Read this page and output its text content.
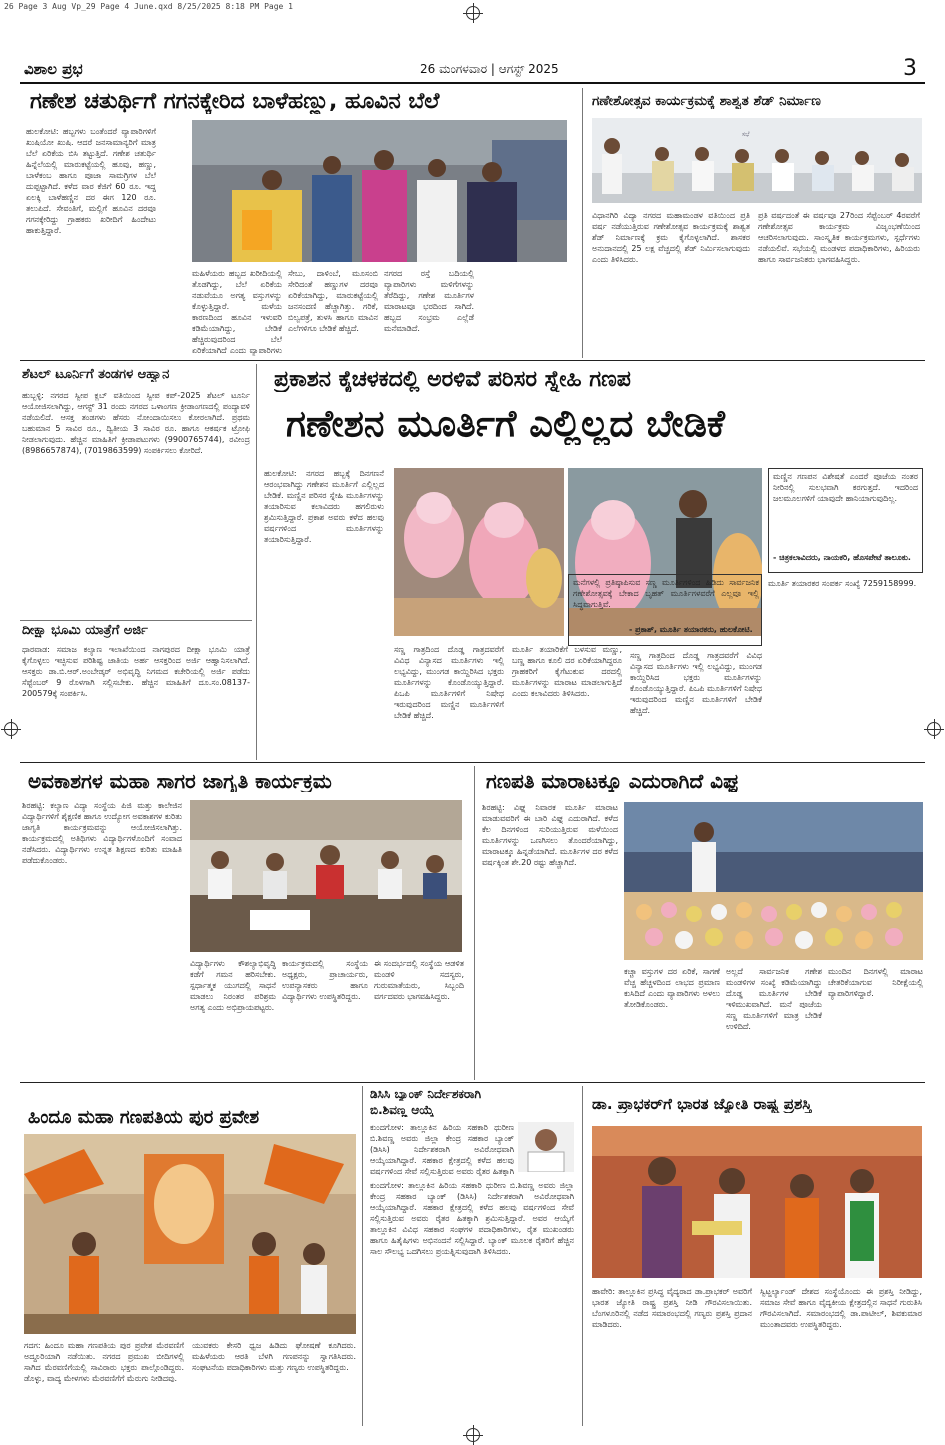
26 Page 3 Aug Vp_29 Page 4 June.qxd 8/25/2025 8:18 PM Page 1
ವಿಶಾಲ ಪ್ರಭ	26 ಮಂಗಳವಾರ | ಆಗಸ್ಟ್ 2025	3
ಗಣೇಶ ಚತುರ್ಥಿಗೆ ಗಗನಕ್ಕೇರಿದ ಬಾಳೆಹಣ್ಣು, ಹೂವಿನ ಬೆಲೆ
ಹುಲಕೋಟಿ: ಹಬ್ಬಗಳು ಬಂತೆಂದರೆ ವ್ಯಾಪಾರಿಗಳಿಗೆ ಖುಷಿಯೋ ಖುಷಿ. ಆದರೆ ಜನಸಾಮಾನ್ಯರಿಗೆ ಮಾತ್ರ ಬೆಲೆ ಏರಿಕೆಯ ಬಿಸಿ ತಟ್ಟುತ್ತಿದೆ. ಗಣೇಶ ಚತುರ್ಥಿ ಹಿನ್ನೆಲೆಯಲ್ಲಿ ಮಾರುಕಟ್ಟೆಯಲ್ಲಿ ಹೂವು, ಹಣ್ಣು, ಬಾಳೆಕಂಬ ಹಾಗೂ ಪೂಜಾ ಸಾಮಗ್ರಿಗಳ ಬೆಲೆ ದುಪ್ಪಟ್ಟಾಗಿದೆ. ಕಳೆದ ವಾರ ಕೆಜಿಗೆ 60 ರೂ. ಇದ್ದ ಏಲಕ್ಕಿ ಬಾಳೆಹಣ್ಣಿನ ದರ ಈಗ 120 ರೂ. ತಲುಪಿದೆ. ಸೇವಂತಿಗೆ, ಮಲ್ಲಿಗೆ ಹೂವಿನ ದರವೂ ಗಗನಕ್ಕೇರಿದ್ದು ಗ್ರಾಹಕರು ಖರೀದಿಗೆ ಹಿಂದೇಟು ಹಾಕುತ್ತಿದ್ದಾರೆ.
ಮಹಿಳೆಯರು ಹಬ್ಬದ ಖರೀದಿಯಲ್ಲಿ ತೊಡಗಿದ್ದು, ಬೆಲೆ ಏರಿಕೆಯ ನಡುವೆಯೂ ಅಗತ್ಯ ವಸ್ತುಗಳನ್ನು ಕೊಳ್ಳುತ್ತಿದ್ದಾರೆ. ಮಳೆಯ ಕಾರಣದಿಂದ ಹೂವಿನ ಇಳುವರಿ ಕಡಿಮೆಯಾಗಿದ್ದು, ಬೇಡಿಕೆ ಹೆಚ್ಚಿರುವುದರಿಂದ ಬೆಲೆ ಏರಿಕೆಯಾಗಿದೆ ಎಂದು ವ್ಯಾಪಾರಿಗಳು
ಸೇಬು, ದಾಳಿಂಬೆ, ಮೂಸಂಬಿ ಸೇರಿದಂತೆ ಹಣ್ಣುಗಳ ದರವೂ ಏರಿಕೆಯಾಗಿದ್ದು, ಮಾರುಕಟ್ಟೆಯಲ್ಲಿ ಜನಸಂದಣಿ ಹೆಚ್ಚಾಗಿತ್ತು. ಗರಿಕೆ, ಬಿಲ್ವಪತ್ರೆ, ತುಳಸಿ ಹಾಗೂ ಮಾವಿನ ಎಲೆಗಳಿಗೂ ಬೇಡಿಕೆ ಹೆಚ್ಚಿದೆ.
ನಗರದ ರಸ್ತೆ ಬದಿಯಲ್ಲಿ ವ್ಯಾಪಾರಿಗಳು ಮಳಿಗೆಗಳನ್ನು ತೆರೆದಿದ್ದು, ಗಣೇಶ ಮೂರ್ತಿಗಳ ಮಾರಾಟವೂ ಭರದಿಂದ ಸಾಗಿದೆ. ಹಬ್ಬದ ಸಂಭ್ರಮ ಎಲ್ಲೆಡೆ ಮನೆಮಾಡಿದೆ.
ಗಣೇಶೋತ್ಸವ ಕಾರ್ಯಕ್ರಮಕ್ಕೆ ಶಾಶ್ವತ ಶೆಡ್ ನಿರ್ಮಾಣ
ಸಭೆ
ವಿಧಾನಗಿರಿ ವಿದ್ಯಾ ನಗರದ ಮಹಾಮಂಡಳ ವತಿಯಿಂದ ಪ್ರತಿ ವರ್ಷ ನಡೆಯುತ್ತಿರುವ ಗಣೇಶೋತ್ಸವ ಕಾರ್ಯಕ್ರಮಕ್ಕೆ ಶಾಶ್ವತ ಶೆಡ್ ನಿರ್ಮಾಣಕ್ಕೆ ಕ್ರಮ ಕೈಗೊಳ್ಳಲಾಗಿದೆ. ಶಾಸಕರ ಅನುದಾನದಲ್ಲಿ 25 ಲಕ್ಷ ವೆಚ್ಚದಲ್ಲಿ ಶೆಡ್ ನಿರ್ಮಿಸಲಾಗುವುದು ಎಂದು ತಿಳಿಸಿದರು.
ಪ್ರತಿ ವರ್ಷದಂತೆ ಈ ವರ್ಷವೂ 27ರಿಂದ ಸೆಪ್ಟೆಂಬರ್ 4ರವರೆಗೆ ಗಣೇಶೋತ್ಸವ ಕಾರ್ಯಕ್ರಮ ವಿಜೃಂಭಣೆಯಿಂದ ಆಚರಿಸಲಾಗುವುದು. ಸಾಂಸ್ಕೃತಿಕ ಕಾರ್ಯಕ್ರಮಗಳು, ಸ್ಪರ್ಧೆಗಳು ನಡೆಯಲಿವೆ. ಸಭೆಯಲ್ಲಿ ಮಂಡಳದ ಪದಾಧಿಕಾರಿಗಳು, ಹಿರಿಯರು ಹಾಗೂ ಸಾರ್ವಜನಿಕರು ಭಾಗವಹಿಸಿದ್ದರು.
ಶೆಟಲ್ ಟೂರ್ನಿಗೆ ತಂಡಗಳ ಆಹ್ವಾನ
ಹುಬ್ಬಳ್ಳಿ: ನಗರದ ಸ್ವೀಪ ಕ್ಲಬ್ ವತಿಯಿಂದ ಸ್ವೀಪ ಕಪ್-2025 ಶೆಟಲ್ ಟೂರ್ನಿ ಆಯೋಜಿಸಲಾಗಿದ್ದು, ಆಗಸ್ಟ್ 31 ರಂದು ನಗರದ ಒಳಾಂಗಣ ಕ್ರೀಡಾಂಗಣದಲ್ಲಿ ಪಂದ್ಯಾವಳಿ ನಡೆಯಲಿದೆ. ಆಸಕ್ತ ತಂಡಗಳು ಹೆಸರು ನೋಂದಾಯಿಸಲು ಕೋರಲಾಗಿದೆ. ಪ್ರಥಮ ಬಹುಮಾನ 5 ಸಾವಿರ ರೂ., ದ್ವಿತೀಯ 3 ಸಾವಿರ ರೂ. ಹಾಗೂ ಆಕರ್ಷಕ ಟ್ರೋಫಿ ನೀಡಲಾಗುವುದು. ಹೆಚ್ಚಿನ ಮಾಹಿತಿಗೆ ಕ್ರೀಡಾಪಟುಗಳು (9900765744), ರವೀಂದ್ರ (8986657874), (7019863599) ಸಂಪರ್ಕಿಸಲು ಕೋರಿದೆ.
ದೀಕ್ಷಾ ಭೂಮಿ ಯಾತ್ರೆಗೆ ಅರ್ಜಿ
ಧಾರವಾಡ: ಸಮಾಜ ಕಲ್ಯಾಣ ಇಲಾಖೆಯಿಂದ ನಾಗಪುರದ ದೀಕ್ಷಾ ಭೂಮಿ ಯಾತ್ರೆ ಕೈಗೊಳ್ಳಲು ಇಚ್ಛಿಸುವ ಪರಿಶಿಷ್ಟ ಜಾತಿಯ ಅರ್ಹ ಆಸಕ್ತರಿಂದ ಅರ್ಜಿ ಆಹ್ವಾನಿಸಲಾಗಿದೆ. ಆಸಕ್ತರು ಡಾ.ಬಿ.ಆರ್.ಅಂಬೇಡ್ಕರ್ ಅಭಿವೃದ್ಧಿ ನಿಗಮದ ಕಚೇರಿಯಲ್ಲಿ ಅರ್ಜಿ ಪಡೆದು ಸೆಪ್ಟೆಂಬರ್ 9 ರೊಳಗಾಗಿ ಸಲ್ಲಿಸಬೇಕು. ಹೆಚ್ಚಿನ ಮಾಹಿತಿಗೆ ದೂ.ಸಂ.08137-200579ಕ್ಕೆ ಸಂಪರ್ಕಿಸಿ.
ಪ್ರಕಾಶನ ಕೈಚಳಕದಲ್ಲಿ ಅರಳಿವೆ ಪರಿಸರ ಸ್ನೇಹಿ ಗಣಪ
ಗಣೇಶನ ಮೂರ್ತಿಗೆ ಎಲ್ಲಿಲ್ಲದ ಬೇಡಿಕೆ
ಹುಲಕೋಟಿ: ನಗರದ ಹಬ್ಬಕ್ಕೆ ದಿನಗಣನೆ ಆರಂಭವಾಗಿದ್ದು ಗಣೇಶನ ಮೂರ್ತಿಗೆ ಎಲ್ಲಿಲ್ಲದ ಬೇಡಿಕೆ. ಮಣ್ಣಿನ ಪರಿಸರ ಸ್ನೇಹಿ ಮೂರ್ತಿಗಳನ್ನು ತಯಾರಿಸುವ ಕಲಾವಿದರು ಹಗಲಿರುಳು ಶ್ರಮಿಸುತ್ತಿದ್ದಾರೆ. ಪ್ರಕಾಶ ಅವರು ಕಳೆದ ಹಲವು ವರ್ಷಗಳಿಂದ ಮೂರ್ತಿಗಳನ್ನು ತಯಾರಿಸುತ್ತಿದ್ದಾರೆ.
ಮಣ್ಣಿನ ಗಣಪನ ವಿಶೇಷತೆ ಎಂದರೆ ಪೂಜೆಯ ನಂತರ ನೀರಿನಲ್ಲಿ ಸುಲಭವಾಗಿ ಕರಗುತ್ತದೆ. ಇದರಿಂದ ಜಲಮೂಲಗಳಿಗೆ ಯಾವುದೇ ಹಾನಿಯಾಗುವುದಿಲ್ಲ.
- ಚಿತ್ರಕಲಾವಿದರು, ನಾಯಕರಿ, ಹೊಸಪೇಟೆ ತಾಲೂಕು.
ಸಣ್ಣ ಗಾತ್ರದಿಂದ ದೊಡ್ಡ ಗಾತ್ರದವರೆಗೆ ವಿವಿಧ ವಿನ್ಯಾಸದ ಮೂರ್ತಿಗಳು ಇಲ್ಲಿ ಲಭ್ಯವಿದ್ದು, ಮುಂಗಡ ಕಾಯ್ದಿರಿಸಿದ ಭಕ್ತರು ಮೂರ್ತಿಗಳನ್ನು ಕೊಂಡೊಯ್ಯುತ್ತಿದ್ದಾರೆ. ಪಿಒಪಿ ಮೂರ್ತಿಗಳಿಗೆ ನಿಷೇಧ ಇರುವುದರಿಂದ ಮಣ್ಣಿನ ಮೂರ್ತಿಗಳಿಗೆ ಬೇಡಿಕೆ ಹೆಚ್ಚಿದೆ.
ಮೂರ್ತಿ ತಯಾರಿಕೆಗೆ ಬಳಸುವ ಮಣ್ಣು, ಬಣ್ಣ ಹಾಗೂ ಕೂಲಿ ದರ ಏರಿಕೆಯಾಗಿದ್ದರೂ ಗ್ರಾಹಕರಿಗೆ ಕೈಗೆಟುಕುವ ದರದಲ್ಲಿ ಮೂರ್ತಿಗಳನ್ನು ಮಾರಾಟ ಮಾಡಲಾಗುತ್ತಿದೆ ಎಂದು ಕಲಾವಿದರು ತಿಳಿಸಿದರು.
ಮನೆಗಳಲ್ಲಿ ಪ್ರತಿಷ್ಠಾಪಿಸುವ ಸಣ್ಣ ಮೂರ್ತಿಗಳಿಂದ ಹಿಡಿದು ಸಾರ್ವಜನಿಕ ಗಣೇಶೋತ್ಸವಕ್ಕೆ ಬೇಕಾದ ಬೃಹತ್ ಮೂರ್ತಿಗಳವರೆಗೆ ಎಲ್ಲವೂ ಇಲ್ಲಿ ಸಿದ್ಧವಾಗುತ್ತಿವೆ.
- ಪ್ರಕಾಶ್, ಮೂರ್ತಿ ತಯಾರಕರು, ಹುಲಕೋಟಿ.
ಸಣ್ಣ ಗಾತ್ರದಿಂದ ದೊಡ್ಡ ಗಾತ್ರದವರೆಗೆ ವಿವಿಧ ವಿನ್ಯಾಸದ ಮೂರ್ತಿಗಳು ಇಲ್ಲಿ ಲಭ್ಯವಿದ್ದು, ಮುಂಗಡ ಕಾಯ್ದಿರಿಸಿದ ಭಕ್ತರು ಮೂರ್ತಿಗಳನ್ನು ಕೊಂಡೊಯ್ಯುತ್ತಿದ್ದಾರೆ. ಪಿಒಪಿ ಮೂರ್ತಿಗಳಿಗೆ ನಿಷೇಧ ಇರುವುದರಿಂದ ಮಣ್ಣಿನ ಮೂರ್ತಿಗಳಿಗೆ ಬೇಡಿಕೆ ಹೆಚ್ಚಿದೆ.
ಮೂರ್ತಿ ತಯಾರಕರ ಸಂಪರ್ಕ ಸಂಖ್ಯೆ 7259158999.
ಅವಕಾಶಗಳ ಮಹಾ ಸಾಗರ ಜಾಗೃತಿ ಕಾರ್ಯಕ್ರಮ
ಶಿರಹಟ್ಟಿ: ಕಲ್ಯಾಣ ವಿದ್ಯಾ ಸಂಸ್ಥೆಯ ಪಿಜಿ ಮತ್ತು ಕಾಲೇಜಿನ ವಿದ್ಯಾರ್ಥಿಗಳಿಗೆ ಶೈಕ್ಷಣಿಕ ಹಾಗೂ ಉದ್ಯೋಗ ಅವಕಾಶಗಳ ಕುರಿತು ಜಾಗೃತಿ ಕಾರ್ಯಕ್ರಮವನ್ನು ಆಯೋಜಿಸಲಾಗಿತ್ತು. ಕಾರ್ಯಕ್ರಮದಲ್ಲಿ ಅತಿಥಿಗಳು ವಿದ್ಯಾರ್ಥಿಗಳೊಂದಿಗೆ ಸಂವಾದ ನಡೆಸಿದರು. ವಿದ್ಯಾರ್ಥಿಗಳು ಉನ್ನತ ಶಿಕ್ಷಣದ ಕುರಿತು ಮಾಹಿತಿ ಪಡೆದುಕೊಂಡರು.
ವಿದ್ಯಾರ್ಥಿಗಳು ಕೌಶಲ್ಯಾಭಿವೃದ್ಧಿ ಕಡೆಗೆ ಗಮನ ಹರಿಸಬೇಕು. ಸ್ಪರ್ಧಾತ್ಮಕ ಯುಗದಲ್ಲಿ ಸಾಧನೆ ಮಾಡಲು ನಿರಂತರ ಪರಿಶ್ರಮ ಅಗತ್ಯ ಎಂದು ಅಭಿಪ್ರಾಯಪಟ್ಟರು.
ಕಾರ್ಯಕ್ರಮದಲ್ಲಿ ಸಂಸ್ಥೆಯ ಅಧ್ಯಕ್ಷರು, ಪ್ರಾಚಾರ್ಯರು, ಉಪನ್ಯಾಸಕರು ಹಾಗೂ ವಿದ್ಯಾರ್ಥಿಗಳು ಉಪಸ್ಥಿತರಿದ್ದರು.
ಈ ಸಂದರ್ಭದಲ್ಲಿ ಸಂಸ್ಥೆಯ ಆಡಳಿತ ಮಂಡಳಿ ಸದಸ್ಯರು, ಗುರುಮಾತೆಯರು, ಸಿಬ್ಬಂದಿ ವರ್ಗದವರು ಭಾಗವಹಿಸಿದ್ದರು.
ಗಣಪತಿ ಮಾರಾಟಕ್ಕೂ ಎದುರಾಗಿದೆ ವಿಘ್ನ
ಶಿರಹಟ್ಟಿ: ವಿಘ್ನ ನಿವಾರಕ ಮೂರ್ತಿ ಮಾರಾಟ ಮಾಡುವವರಿಗೆ ಈ ಬಾರಿ ವಿಘ್ನ ಎದುರಾಗಿದೆ. ಕಳೆದ ಕೆಲ ದಿನಗಳಿಂದ ಸುರಿಯುತ್ತಿರುವ ಮಳೆಯಿಂದ ಮೂರ್ತಿಗಳನ್ನು ಒಣಗಿಸಲು ತೊಂದರೆಯಾಗಿದ್ದು, ಮಾರಾಟಕ್ಕೂ ಹಿನ್ನಡೆಯಾಗಿದೆ. ಮೂರ್ತಿಗಳ ದರ ಕಳೆದ ವರ್ಷಕ್ಕಿಂತ ಶೇ.20 ರಷ್ಟು ಹೆಚ್ಚಾಗಿದೆ.
ಕಚ್ಚಾ ವಸ್ತುಗಳ ದರ ಏರಿಕೆ, ಸಾಗಣೆ ವೆಚ್ಚ ಹೆಚ್ಚಳದಿಂದ ಲಾಭದ ಪ್ರಮಾಣ ಕುಸಿದಿದೆ ಎಂದು ವ್ಯಾಪಾರಿಗಳು ಅಳಲು ತೋಡಿಕೊಂಡರು.
ಅಲ್ಲದೆ ಸಾರ್ವಜನಿಕ ಗಣೇಶ ಮಂಡಳಿಗಳ ಸಂಖ್ಯೆ ಕಡಿಮೆಯಾಗಿದ್ದು ದೊಡ್ಡ ಮೂರ್ತಿಗಳ ಬೇಡಿಕೆ ಇಳಿಮುಖವಾಗಿದೆ. ಮನೆ ಪೂಜೆಯ ಸಣ್ಣ ಮೂರ್ತಿಗಳಿಗೆ ಮಾತ್ರ ಬೇಡಿಕೆ ಉಳಿದಿದೆ.
ಮುಂದಿನ ದಿನಗಳಲ್ಲಿ ಮಾರಾಟ ಚೇತರಿಕೆಯಾಗುವ ನಿರೀಕ್ಷೆಯಲ್ಲಿ ವ್ಯಾಪಾರಿಗಳಿದ್ದಾರೆ.
ಹಿಂದೂ ಮಹಾ ಗಣಪತಿಯ ಪುರ ಪ್ರವೇಶ
ಗದಗ: ಹಿಂದೂ ಮಹಾ ಗಣಪತಿಯ ಪುರ ಪ್ರವೇಶ ಮೆರವಣಿಗೆ ಅದ್ದೂರಿಯಾಗಿ ನಡೆಯಿತು. ನಗರದ ಪ್ರಮುಖ ಬೀದಿಗಳಲ್ಲಿ ಸಾಗಿದ ಮೆರವಣಿಗೆಯಲ್ಲಿ ಸಾವಿರಾರು ಭಕ್ತರು ಪಾಲ್ಗೊಂಡಿದ್ದರು. ಡೊಳ್ಳು, ವಾದ್ಯ ಮೇಳಗಳು ಮೆರವಣಿಗೆಗೆ ಮೆರುಗು ನೀಡಿದವು.
ಯುವಕರು ಕೇಸರಿ ಧ್ವಜ ಹಿಡಿದು ಘೋಷಣೆ ಕೂಗಿದರು. ಮಹಿಳೆಯರು ಆರತಿ ಬೆಳಗಿ ಗಣಪನನ್ನು ಸ್ವಾಗತಿಸಿದರು. ಸಂಘಟನೆಯ ಪದಾಧಿಕಾರಿಗಳು ಮತ್ತು ಗಣ್ಯರು ಉಪಸ್ಥಿತರಿದ್ದರು.
ಡಿಸಿಸಿ ಬ್ಯಾಂಕ್ ನಿರ್ದೇಶಕರಾಗಿ
ಬಿ.ಶಿವಣ್ಣ ಆಯ್ಕೆ
ಕುಂದಗೋಳ: ತಾಲ್ಲೂಕಿನ ಹಿರಿಯ ಸಹಕಾರಿ ಧುರೀಣ ಬಿ.ಶಿವಣ್ಣ ಅವರು ಜಿಲ್ಲಾ ಕೇಂದ್ರ ಸಹಕಾರ ಬ್ಯಾಂಕ್ (ಡಿಸಿಸಿ) ನಿರ್ದೇಶಕರಾಗಿ ಅವಿರೋಧವಾಗಿ ಆಯ್ಕೆಯಾಗಿದ್ದಾರೆ. ಸಹಕಾರ ಕ್ಷೇತ್ರದಲ್ಲಿ ಕಳೆದ ಹಲವು ವರ್ಷಗಳಿಂದ ಸೇವೆ ಸಲ್ಲಿಸುತ್ತಿರುವ ಅವರು ರೈತರ ಹಿತಕ್ಕಾಗಿ
ಕುಂದಗೋಳ: ತಾಲ್ಲೂಕಿನ ಹಿರಿಯ ಸಹಕಾರಿ ಧುರೀಣ ಬಿ.ಶಿವಣ್ಣ ಅವರು ಜಿಲ್ಲಾ ಕೇಂದ್ರ ಸಹಕಾರ ಬ್ಯಾಂಕ್ (ಡಿಸಿಸಿ) ನಿರ್ದೇಶಕರಾಗಿ ಅವಿರೋಧವಾಗಿ ಆಯ್ಕೆಯಾಗಿದ್ದಾರೆ. ಸಹಕಾರ ಕ್ಷೇತ್ರದಲ್ಲಿ ಕಳೆದ ಹಲವು ವರ್ಷಗಳಿಂದ ಸೇವೆ ಸಲ್ಲಿಸುತ್ತಿರುವ ಅವರು ರೈತರ ಹಿತಕ್ಕಾಗಿ ಶ್ರಮಿಸುತ್ತಿದ್ದಾರೆ. ಅವರ ಆಯ್ಕೆಗೆ ತಾಲ್ಲೂಕಿನ ವಿವಿಧ ಸಹಕಾರ ಸಂಘಗಳ ಪದಾಧಿಕಾರಿಗಳು, ರೈತ ಮುಖಂಡರು ಹಾಗೂ ಹಿತೈಷಿಗಳು ಅಭಿನಂದನೆ ಸಲ್ಲಿಸಿದ್ದಾರೆ. ಬ್ಯಾಂಕ್ ಮೂಲಕ ರೈತರಿಗೆ ಹೆಚ್ಚಿನ ಸಾಲ ಸೌಲಭ್ಯ ಒದಗಿಸಲು ಪ್ರಯತ್ನಿಸುವುದಾಗಿ ತಿಳಿಸಿದರು.
ಡಾ. ಪ್ರಾಭಕರ್‌ಗೆ ಭಾರತ ಜ್ಯೋತಿ ರಾಷ್ಟ್ರ ಪ್ರಶಸ್ತಿ
ಹಾವೇರಿ: ತಾಲ್ಲೂಕಿನ ಪ್ರಸಿದ್ಧ ವೈದ್ಯರಾದ ಡಾ.ಪ್ರಾಭಕರ್ ಅವರಿಗೆ ಭಾರತ ಜ್ಯೋತಿ ರಾಷ್ಟ್ರ ಪ್ರಶಸ್ತಿ ನೀಡಿ ಗೌರವಿಸಲಾಯಿತು. ಬೆಂಗಳೂರಿನಲ್ಲಿ ನಡೆದ ಸಮಾರಂಭದಲ್ಲಿ ಗಣ್ಯರು ಪ್ರಶಸ್ತಿ ಪ್ರದಾನ ಮಾಡಿದರು.
ಸ್ವಿಟ್ಜರ್ಲ್ಯಾಂಡ್ ದೇಶದ ಸಂಸ್ಥೆಯೊಂದು ಈ ಪ್ರಶಸ್ತಿ ನೀಡಿದ್ದು, ಸಮಾಜ ಸೇವೆ ಹಾಗೂ ವೈದ್ಯಕೀಯ ಕ್ಷೇತ್ರದಲ್ಲಿನ ಸಾಧನೆ ಗುರುತಿಸಿ ಗೌರವಿಸಲಾಗಿದೆ. ಸಮಾರಂಭದಲ್ಲಿ ಡಾ.ಪಾಟೀಲ್, ಶಿವಕುಮಾರ ಮುಂತಾದವರು ಉಪಸ್ಥಿತರಿದ್ದರು.
